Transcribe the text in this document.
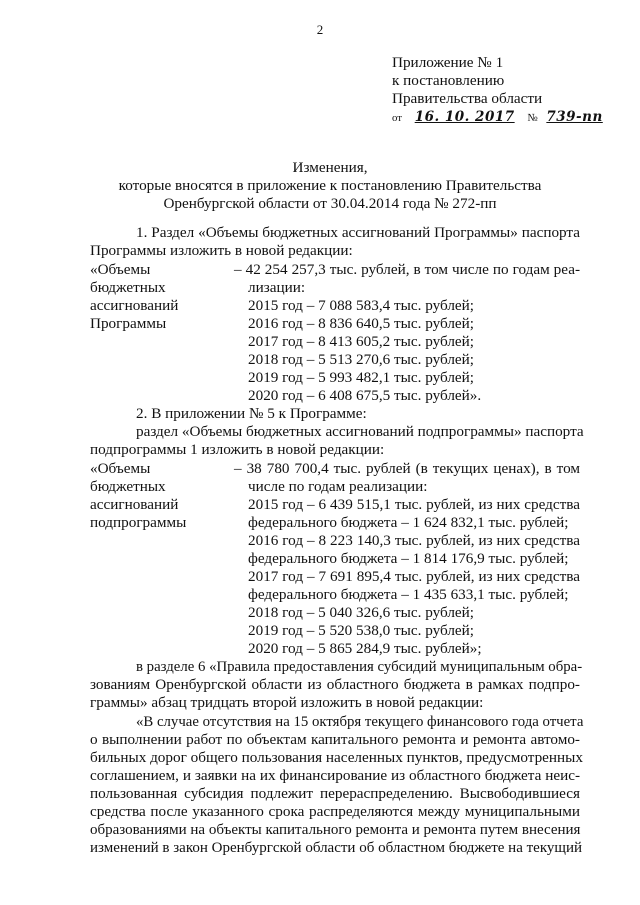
2
Приложение № 1
к постановлению
Правительства области
от 16. 10. 2017 № 739-пп
Изменения,
которые вносятся в приложение к постановлению Правительства
Оренбургской области от 30.04.2014 года № 272-пп
1. Раздел «Объемы бюджетных ассигнований Программы» паспорта
Программы изложить в новой редакции:
«Объемы
бюджетных
ассигнований
Программы
– 42 254 257,3 тыс. рублей, в том числе по годам реа-
лизации:
2015 год – 7 088 583,4 тыс. рублей;
2016 год – 8 836 640,5 тыс. рублей;
2017 год – 8 413 605,2 тыс. рублей;
2018 год – 5 513 270,6 тыс. рублей;
2019 год – 5 993 482,1 тыс. рублей;
2020 год – 6 408 675,5 тыс. рублей».
2. В приложении № 5 к Программе:
раздел «Объемы бюджетных ассигнований подпрограммы» паспорта
подпрограммы 1 изложить в новой редакции:
«Объемы
бюджетных
ассигнований
подпрограммы
– 38 780 700,4 тыс. рублей (в текущих ценах), в том
числе по годам реализации:
2015 год – 6 439 515,1 тыс. рублей, из них средства
федерального бюджета – 1 624 832,1 тыс. рублей;
2016 год – 8 223 140,3 тыс. рублей, из них средства
федерального бюджета – 1 814 176,9 тыс. рублей;
2017 год – 7 691 895,4 тыс. рублей, из них средства
федерального бюджета – 1 435 633,1 тыс. рублей;
2018 год – 5 040 326,6 тыс. рублей;
2019 год – 5 520 538,0 тыс. рублей;
2020 год – 5 865 284,9 тыс. рублей»;
в разделе 6 «Правила предоставления субсидий муниципальным обра-
зованиям Оренбургской области из областного бюджета в рамках подпро-
граммы» абзац тридцать второй изложить в новой редакции:
«В случае отсутствия на 15 октября текущего финансового года отчета
о выполнении работ по объектам капитального ремонта и ремонта автомо-
бильных дорог общего пользования населенных пунктов, предусмотренных
соглашением, и заявки на их финансирование из областного бюджета неис-
пользованная субсидия подлежит перераспределению. Высвободившиеся
средства после указанного срока распределяются между муниципальными
образованиями на объекты капитального ремонта и ремонта путем внесения
изменений в закон Оренбургской области об областном бюджете на текущий
